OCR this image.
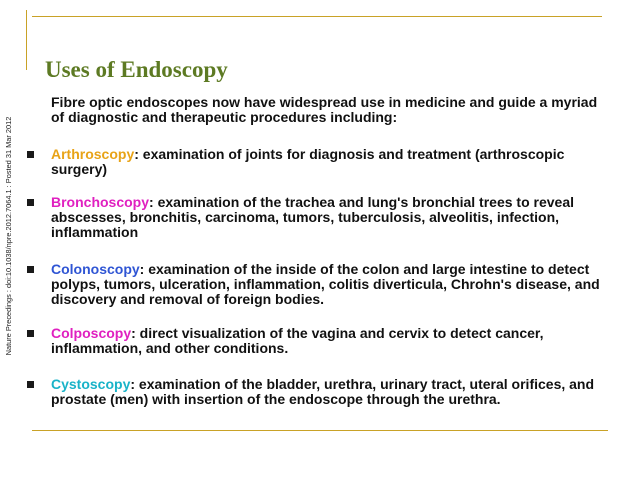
Nature Precedings : doi:10.1038/npre.2012.7064.1 : Posted 31 Mar 2012
Uses of Endoscopy

Fibre optic endoscopes now have widespread use in medicine and guide a myriad of diagnostic and therapeutic procedures including:

Arthroscopy: examination of joints for diagnosis and treatment (arthroscopic surgery)

Bronchoscopy: examination of the trachea and lung's bronchial trees to reveal abscesses, bronchitis, carcinoma, tumors, tuberculosis, alveolitis, infection, inflammation

Colonoscopy: examination of the inside of the colon and large intestine to detect polyps, tumors, ulceration, inflammation, colitis diverticula, Chrohn's disease, and discovery and removal of foreign bodies.

Colposcopy: direct visualization of the vagina and cervix to detect cancer, inflammation, and other conditions.

Cystoscopy: examination of the bladder, urethra, urinary tract, uteral orifices, and prostate (men) with insertion of the endoscope through the urethra.
